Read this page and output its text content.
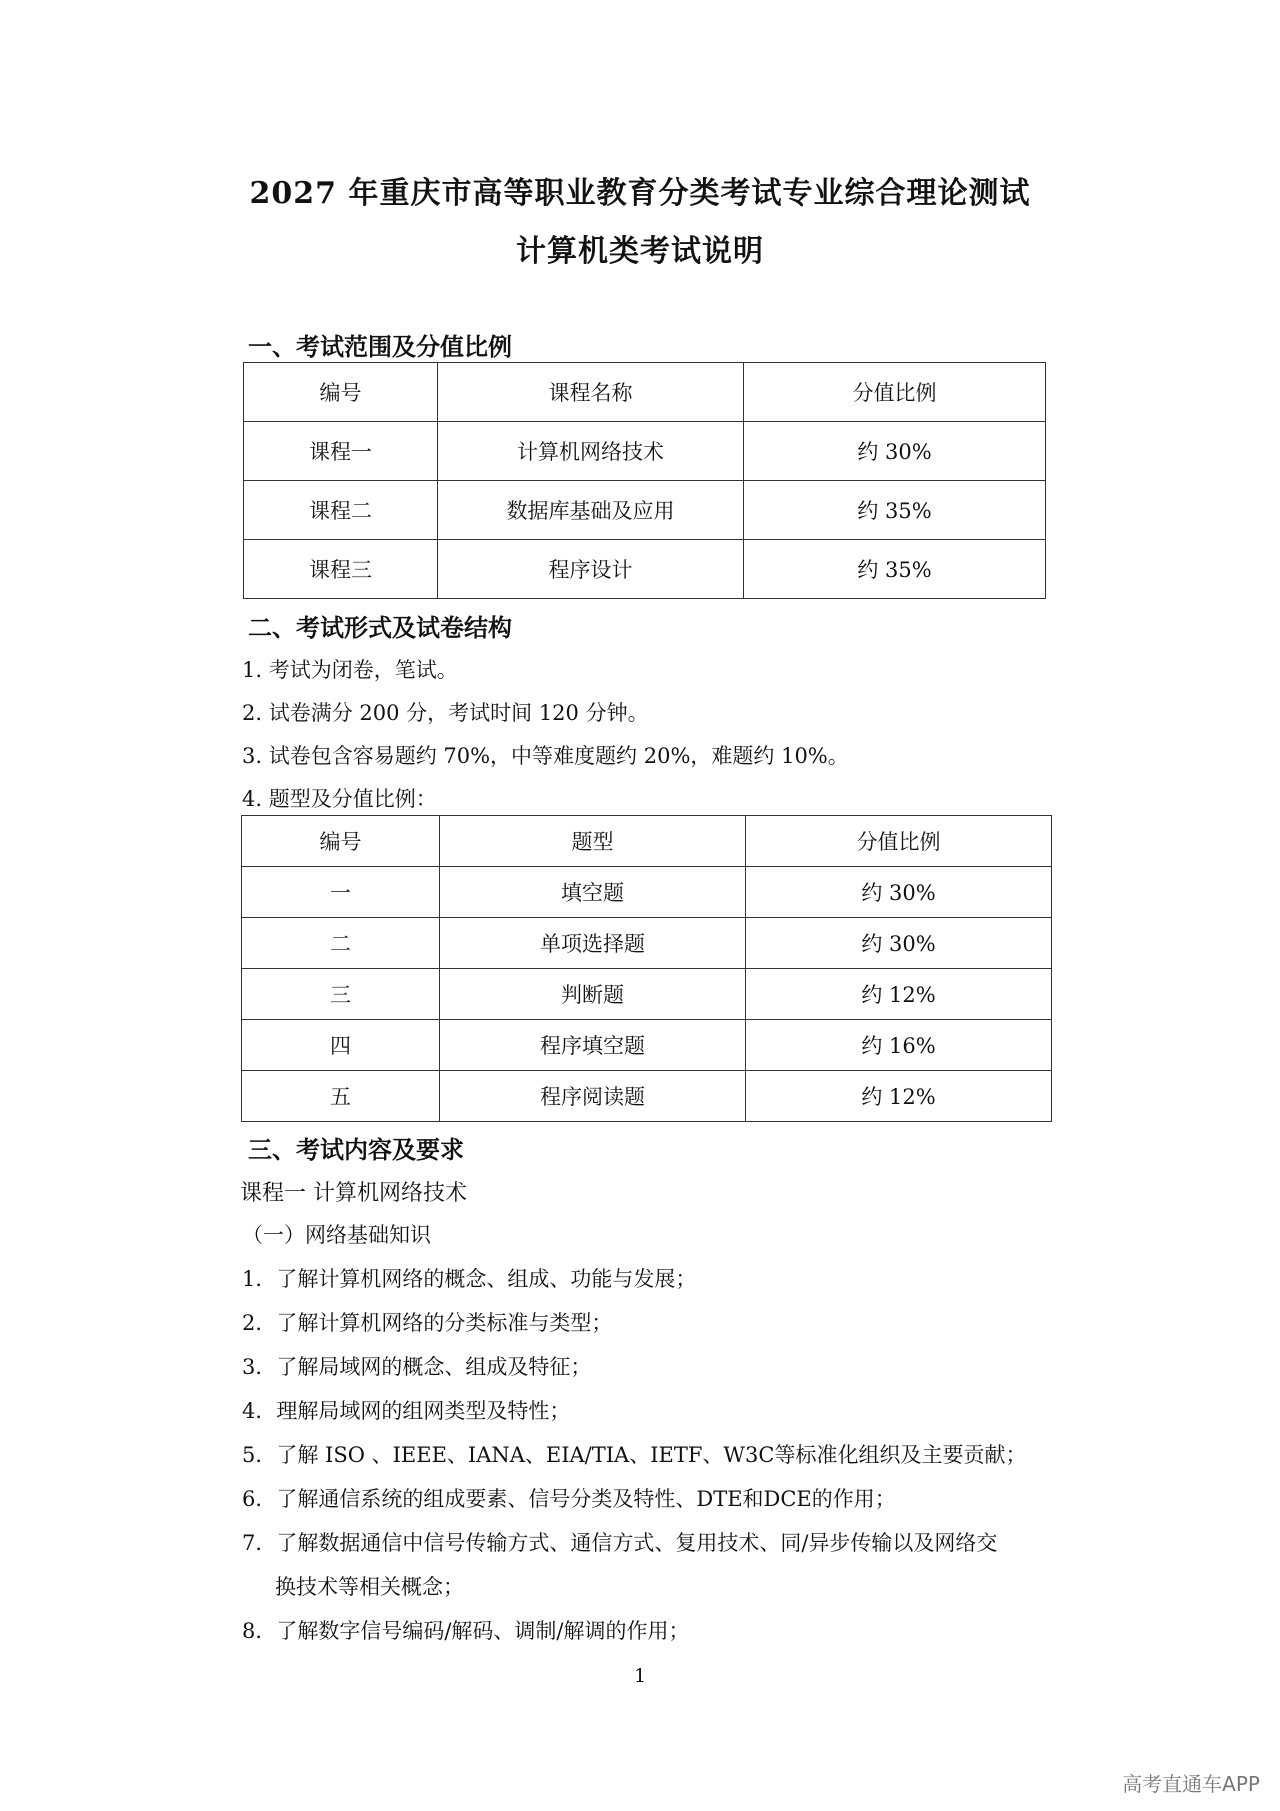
2027 年重庆市高等职业教育分类考试专业综合理论测试
计算机类考试说明
一、考试范围及分值比例
编号	课程名称	分值比例
课程一	计算机网络技术	约 30%
课程二	数据库基础及应用	约 35%
课程三	程序设计	约 35%
二、考试形式及试卷结构
1. 考试为闭卷，笔试。
2. 试卷满分 200 分，考试时间 120 分钟。
3. 试卷包含容易题约 70%，中等难度题约 20%，难题约 10%。
4. 题型及分值比例：
编号	题型	分值比例
一	填空题	约 30%
二	单项选择题	约 30%
三	判断题	约 12%
四	程序填空题	约 16%
五	程序阅读题	约 12%
三、考试内容及要求
课程一 计算机网络技术
（一）网络基础知识
1．了解计算机网络的概念、组成、功能与发展；
2．了解计算机网络的分类标准与类型；
3．了解局域网的概念、组成及特征；
4．理解局域网的组网类型及特性；
5．了解 ISO 、IEEE、IANA、EIA/TIA、IETF、W3C等标准化组织及主要贡献；
6．了解通信系统的组成要素、信号分类及特性、DTE和DCE的作用；
7．了解数据通信中信号传输方式、通信方式、复用技术、同/异步传输以及网络交
换技术等相关概念；
8．了解数字信号编码/解码、调制/解调的作用；
1
高考直通车APP
